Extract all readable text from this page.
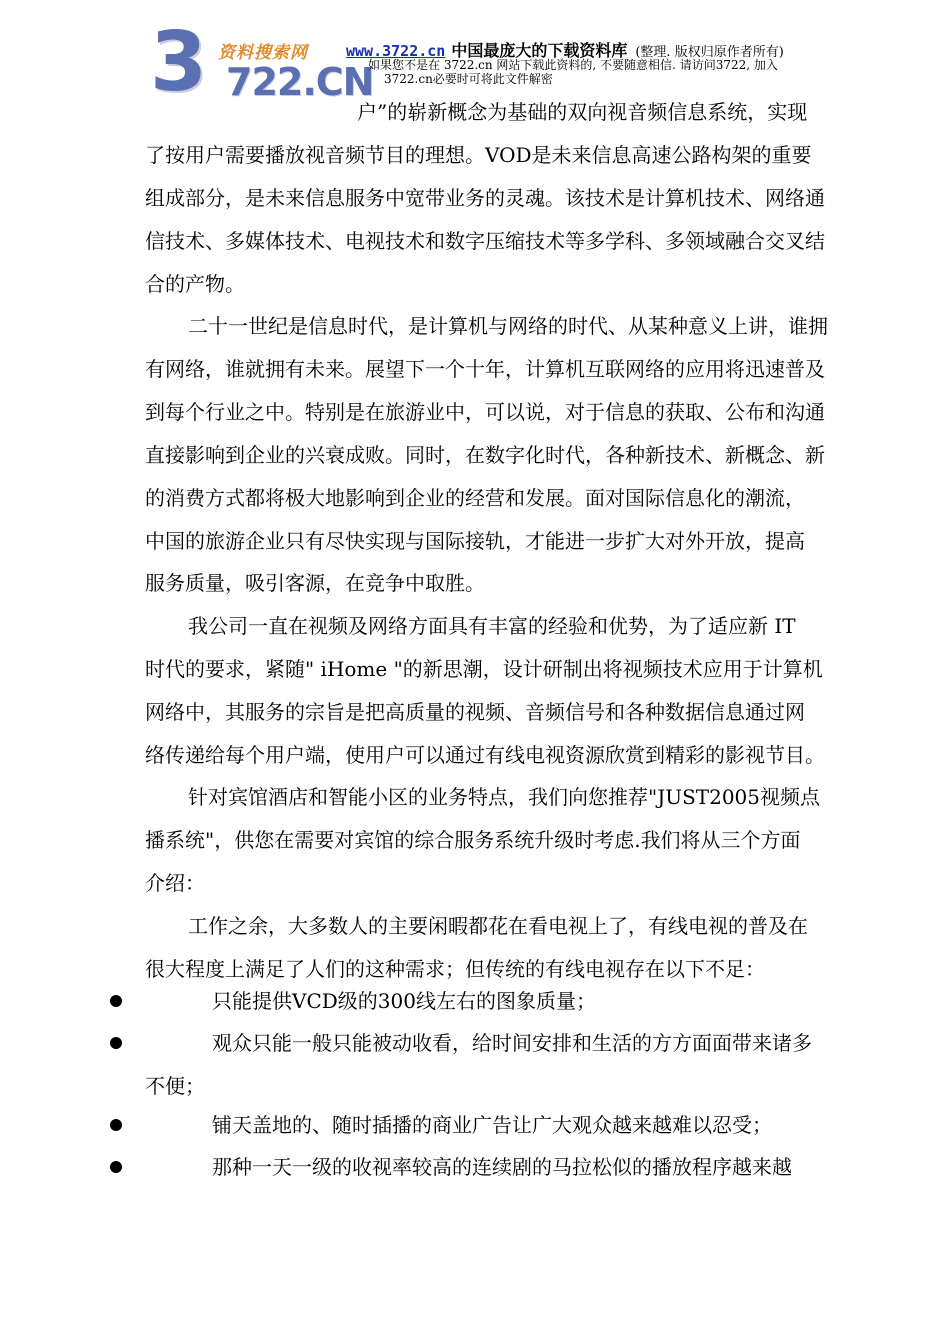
3 722.CN
资料搜索网	www.3722.cn 中国最庞大的下载资料库 (整理. 版权归原作者所有)
如果您不是在 3722.cn 网站下载此资料的, 不要随意相信. 请访问3722, 加入
3722.cn必要时可将此文件解密
户”的崭新概念为基础的双向视音频信息系统，实现
了按用户需要播放视音频节目的理想。VOD是未来信息高速公路构架的重要
组成部分，是未来信息服务中宽带业务的灵魂。该技术是计算机技术、网络通
信技术、多媒体技术、电视技术和数字压缩技术等多学科、多领域融合交叉结
合的产物。
二十一世纪是信息时代，是计算机与网络的时代、从某种意义上讲，谁拥
有网络，谁就拥有未来。展望下一个十年，计算机互联网络的应用将迅速普及
到每个行业之中。特别是在旅游业中，可以说，对于信息的获取、公布和沟通
直接影响到企业的兴衰成败。同时，在数字化时代，各种新技术、新概念、新
的消费方式都将极大地影响到企业的经营和发展。面对国际信息化的潮流，
中国的旅游企业只有尽快实现与国际接轨，才能进一步扩大对外开放，提高
服务质量，吸引客源，在竞争中取胜。
我公司一直在视频及网络方面具有丰富的经验和优势，为了适应新 IT
时代的要求，紧随" iHome "的新思潮，设计研制出将视频技术应用于计算机
网络中，其服务的宗旨是把高质量的视频、音频信号和各种数据信息通过网
络传递给每个用户端，使用户可以通过有线电视资源欣赏到精彩的影视节目。
针对宾馆酒店和智能小区的业务特点，我们向您推荐"JUST2005视频点
播系统"，供您在需要对宾馆的综合服务系统升级时考虑.我们将从三个方面
介绍：
工作之余，大多数人的主要闲暇都花在看电视上了，有线电视的普及在
很大程度上满足了人们的这种需求；但传统的有线电视存在以下不足：
只能提供VCD级的300线左右的图象质量；
观众只能一般只能被动收看，给时间安排和生活的方方面面带来诸多
不便；
铺天盖地的、随时插播的商业广告让广大观众越来越难以忍受；
那种一天一级的收视率较高的连续剧的马拉松似的播放程序越来越
